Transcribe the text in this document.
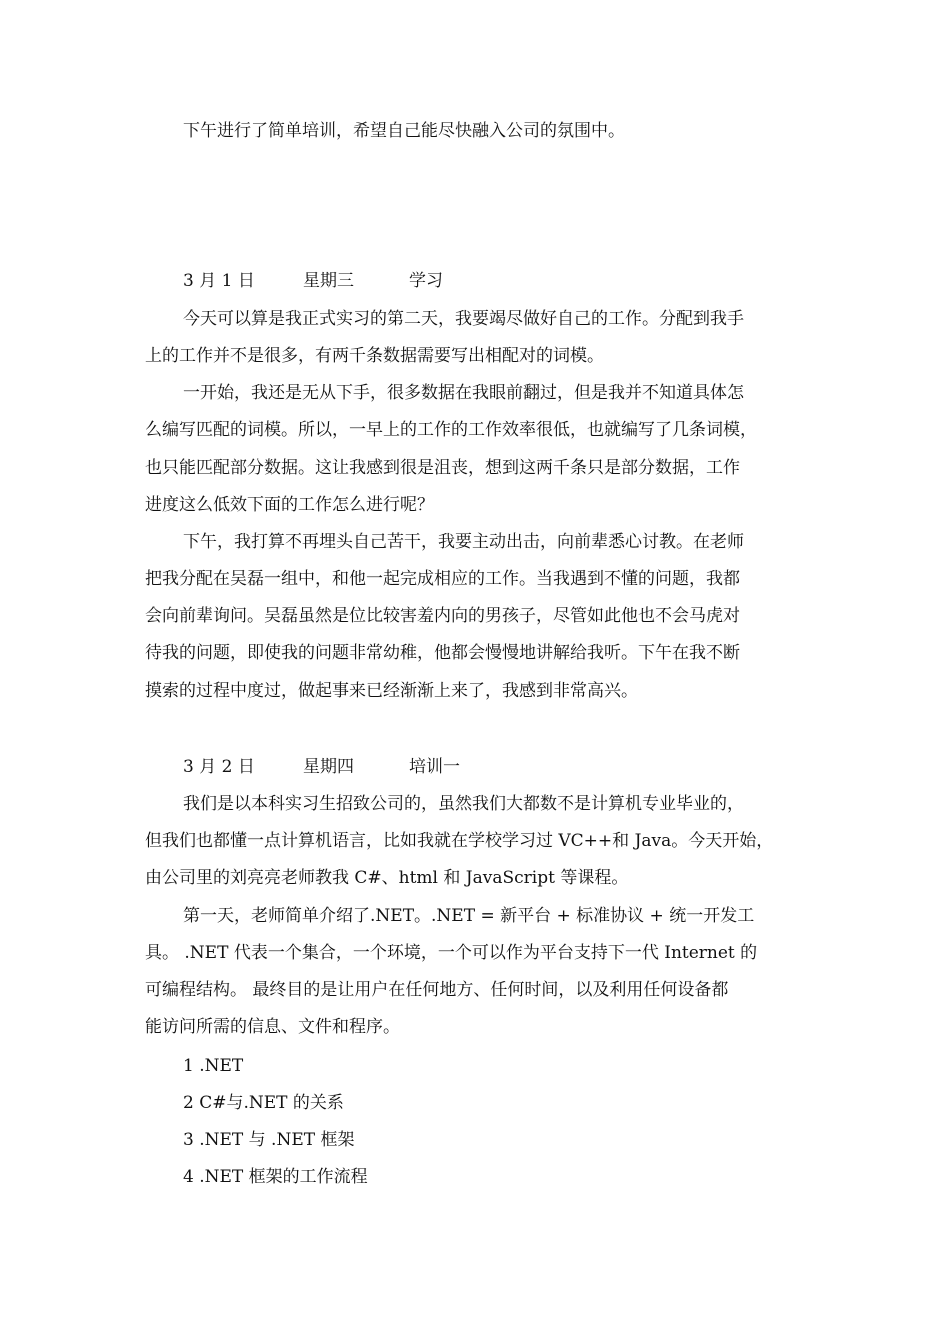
下午进行了简单培训，希望自己能尽快融入公司的氛围中。
3 月 1 日	星期三	学习
今天可以算是我正式实习的第二天，我要竭尽做好自己的工作。分配到我手
上的工作并不是很多，有两千条数据需要写出相配对的词模。
一开始，我还是无从下手，很多数据在我眼前翻过，但是我并不知道具体怎
么编写匹配的词模。所以，一早上的工作的工作效率很低，也就编写了几条词模，
也只能匹配部分数据。这让我感到很是沮丧，想到这两千条只是部分数据，工作
进度这么低效下面的工作怎么进行呢？
下午，我打算不再埋头自己苦干，我要主动出击，向前辈悉心讨教。在老师
把我分配在吴磊一组中，和他一起完成相应的工作。当我遇到不懂的问题，我都
会向前辈询问。吴磊虽然是位比较害羞内向的男孩子，尽管如此他也不会马虎对
待我的问题，即使我的问题非常幼稚，他都会慢慢地讲解给我听。下午在我不断
摸索的过程中度过，做起事来已经渐渐上来了，我感到非常高兴。
3 月 2 日	星期四	培训一
我们是以本科实习生招致公司的，虽然我们大都数不是计算机专业毕业的，
但我们也都懂一点计算机语言，比如我就在学校学习过 VC++和 Java。今天开始，
由公司里的刘亮亮老师教我 C#、html 和 JavaScript 等课程。
第一天，老师简单介绍了.NET。.NET = 新平台 + 标准协议 + 统一开发工
具。 .NET 代表一个集合，一个环境，一个可以作为平台支持下一代 Internet 的
可编程结构。 最终目的是让用户在任何地方、任何时间，以及利用任何设备都
能访问所需的信息、文件和程序。
1 .NET
2 C#与.NET 的关系
3 .NET 与 .NET 框架
4 .NET 框架的工作流程
